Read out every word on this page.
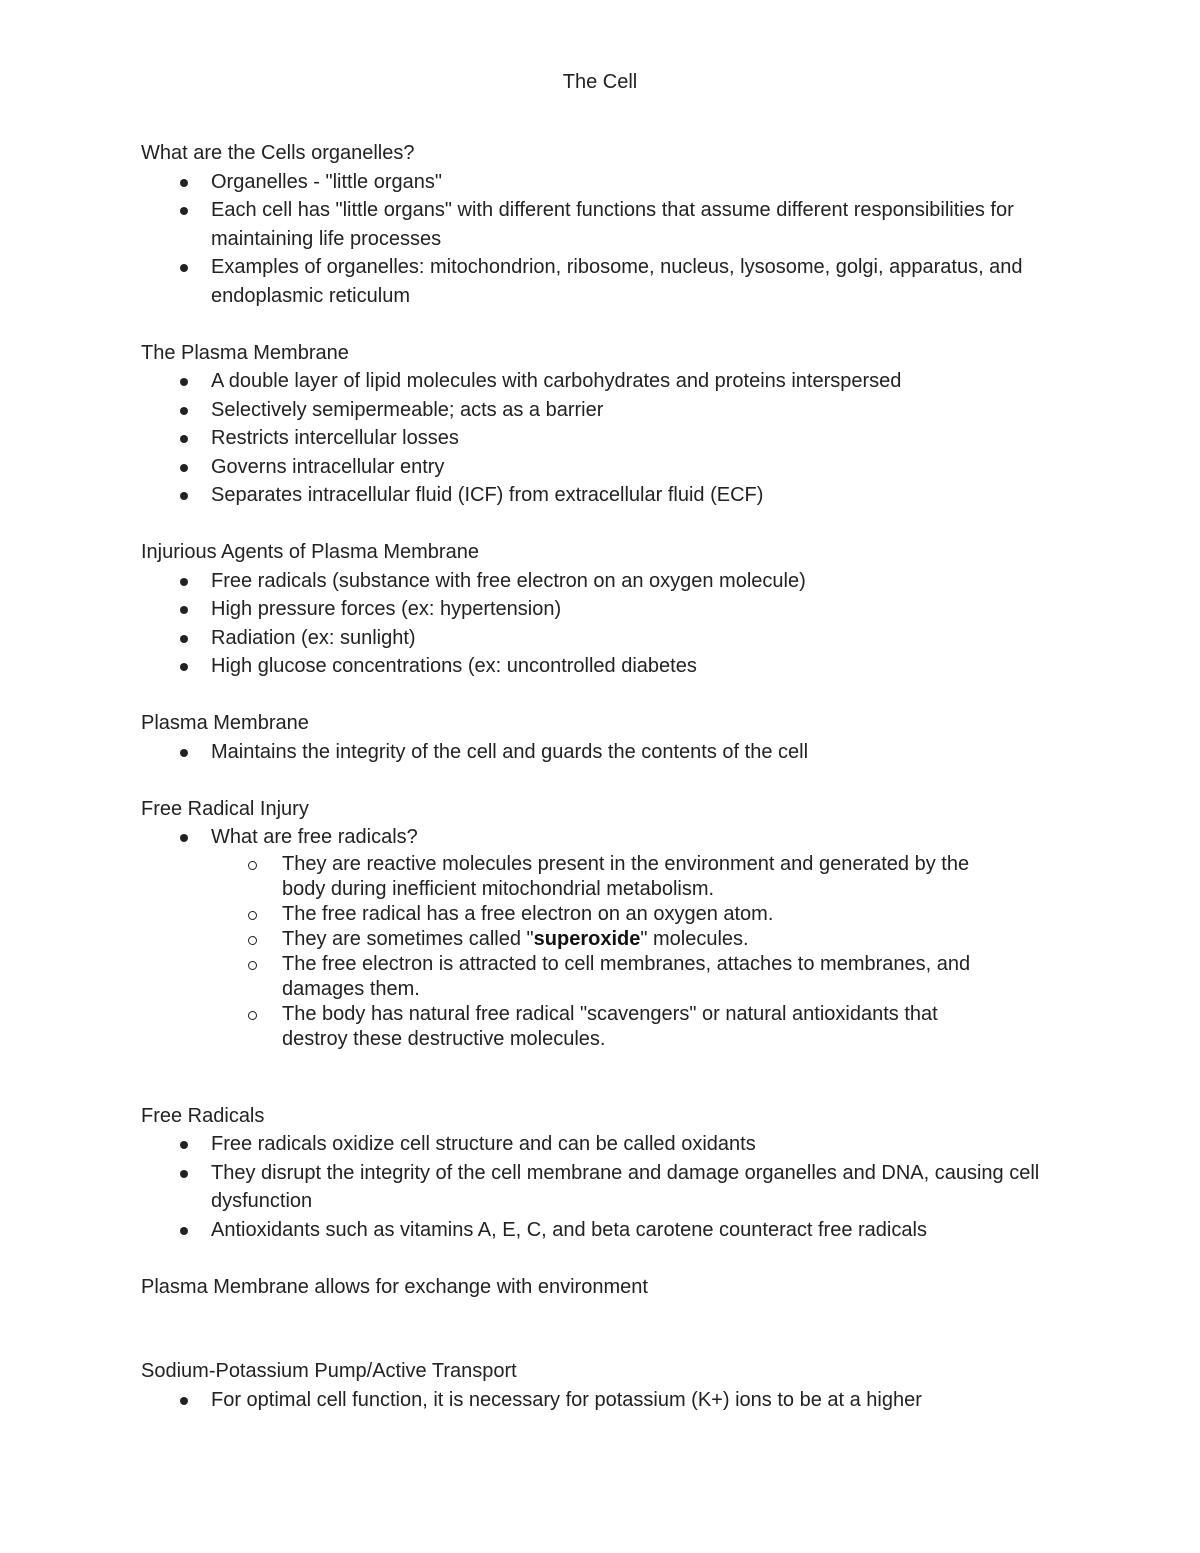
The Cell

What are the Cells organelles?

Organelles - "little organs"
Each cell has "little organs" with different functions that assume different responsibilities for maintaining life processes
Examples of organelles: mitochondrion, ribosome, nucleus, lysosome, golgi, apparatus, and endoplasmic reticulum

The Plasma Membrane

A double layer of lipid molecules with carbohydrates and proteins interspersed
Selectively semipermeable; acts as a barrier
Restricts intercellular losses
Governs intracellular entry
Separates intracellular fluid (ICF) from extracellular fluid (ECF)

Injurious Agents of Plasma Membrane

Free radicals (substance with free electron on an oxygen molecule)
High pressure forces (ex: hypertension)
Radiation (ex: sunlight)
High glucose concentrations (ex: uncontrolled diabetes

Plasma Membrane

Maintains the integrity of the cell and guards the contents of the cell

Free Radical Injury

What are free radicals?
They are reactive molecules present in the environment and generated by the body during inefficient mitochondrial metabolism.
The free radical has a free electron on an oxygen atom.
They are sometimes called "superoxide" molecules.
The free electron is attracted to cell membranes, attaches to membranes, and damages them.
The body has natural free radical "scavengers" or natural antioxidants that destroy these destructive molecules.

Free Radicals

Free radicals oxidize cell structure and can be called oxidants
They disrupt the integrity of the cell membrane and damage organelles and DNA, causing cell dysfunction
Antioxidants such as vitamins A, E, C, and beta carotene counteract free radicals

Plasma Membrane allows for exchange with environment

Sodium-Potassium Pump/Active Transport

For optimal cell function, it is necessary for potassium (K+) ions to be at a higher
